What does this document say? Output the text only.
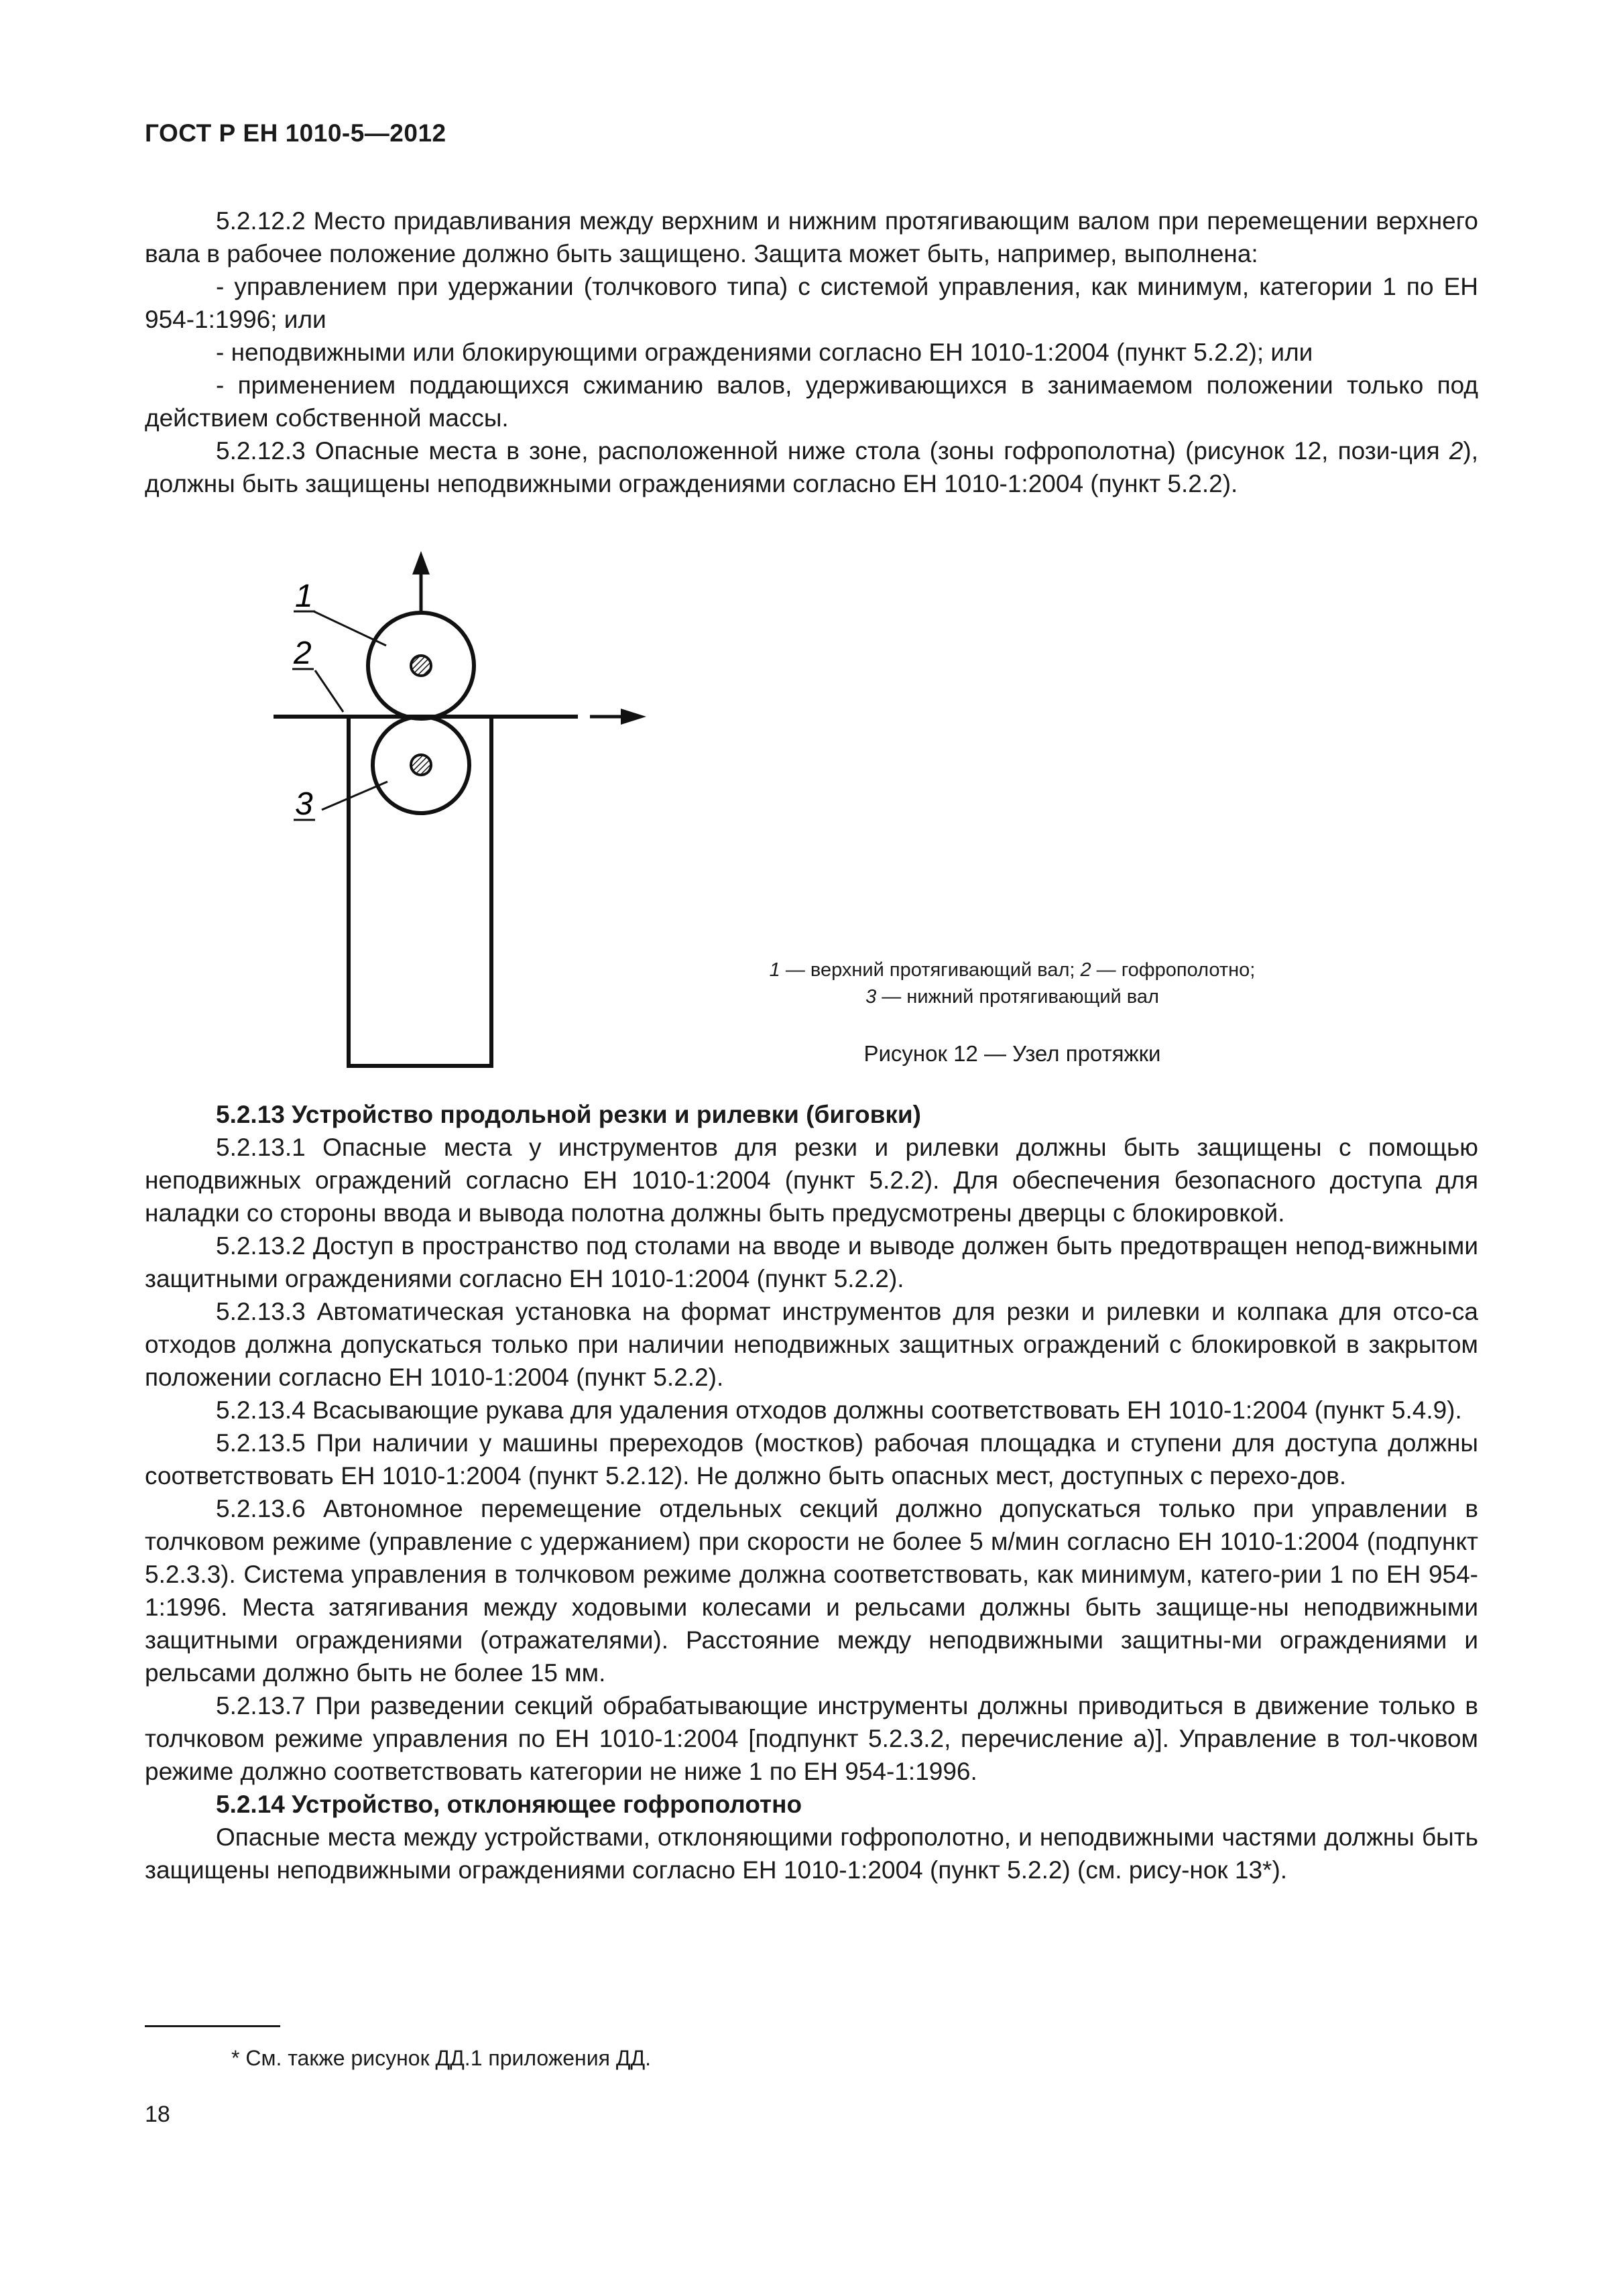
ГОСТ Р ЕН 1010-5—2012

5.2.12.2 Место придавливания между верхним и нижним протягивающим валом при перемещении верхнего вала в рабочее положение должно быть защищено. Защита может быть, например, выполнена:

- управлением при удержании (толчкового типа) с системой управления, как минимум, категории 1 по ЕН 954-1:1996; или

- неподвижными или блокирующими ограждениями согласно ЕН 1010-1:2004 (пункт 5.2.2); или

- применением поддающихся сжиманию валов, удерживающихся в занимаемом положении только под действием собственной массы.

5.2.12.3 Опасные места в зоне, расположенной ниже стола (зоны гофрополотна) (рисунок 12, пози-ция 2), должны быть защищены неподвижными ограждениями согласно ЕН 1010-1:2004 (пункт 5.2.2).

1
2
3
1 — верхний протягивающий вал; 2 — гофрополотно;
3 — нижний протягивающий вал
Рисунок 12 — Узел протяжки

5.2.13 Устройство продольной резки и рилевки (биговки)

5.2.13.1 Опасные места у инструментов для резки и рилевки должны быть защищены с помощью неподвижных ограждений согласно ЕН 1010-1:2004 (пункт 5.2.2). Для обеспечения безопасного доступа для наладки со стороны ввода и вывода полотна должны быть предусмотрены дверцы с блокировкой.

5.2.13.2 Доступ в пространство под столами на вводе и выводе должен быть предотвращен непод-вижными защитными ограждениями согласно ЕН 1010-1:2004 (пункт 5.2.2).

5.2.13.3 Автоматическая установка на формат инструментов для резки и рилевки и колпака для отсо-са отходов должна допускаться только при наличии неподвижных защитных ограждений с блокировкой в закрытом положении согласно ЕН 1010-1:2004 (пункт 5.2.2).

5.2.13.4 Всасывающие рукава для удаления отходов должны соответствовать ЕН 1010-1:2004 (пункт 5.4.9).

5.2.13.5 При наличии у машины пререходов (мостков) рабочая площадка и ступени для доступа должны соответствовать ЕН 1010-1:2004 (пункт 5.2.12). Не должно быть опасных мест, доступных с перехо-дов.

5.2.13.6 Автономное перемещение отдельных секций должно допускаться только при управлении в толчковом режиме (управление с удержанием) при скорости не более 5 м/мин согласно ЕН 1010-1:2004 (подпункт 5.2.3.3). Система управления в толчковом режиме должна соответствовать, как минимум, катего-рии 1 по ЕН 954-1:1996. Места затягивания между ходовыми колесами и рельсами должны быть защище-ны неподвижными защитными ограждениями (отражателями). Расстояние между неподвижными защитны-ми ограждениями и рельсами должно быть не более 15 мм.

5.2.13.7 При разведении секций обрабатывающие инструменты должны приводиться в движение только в толчковом режиме управления по ЕН 1010-1:2004 [подпункт 5.2.3.2, перечисление а)]. Управление в тол-чковом режиме должно соответствовать категории не ниже 1 по ЕН 954-1:1996.

5.2.14 Устройство, отклоняющее гофрополотно

Опасные места между устройствами, отклоняющими гофрополотно, и неподвижными частями должны быть защищены неподвижными ограждениями согласно ЕН 1010-1:2004 (пункт 5.2.2) (см. рису-нок 13*).

* См. также рисунок ДД.1 приложения ДД.
18
